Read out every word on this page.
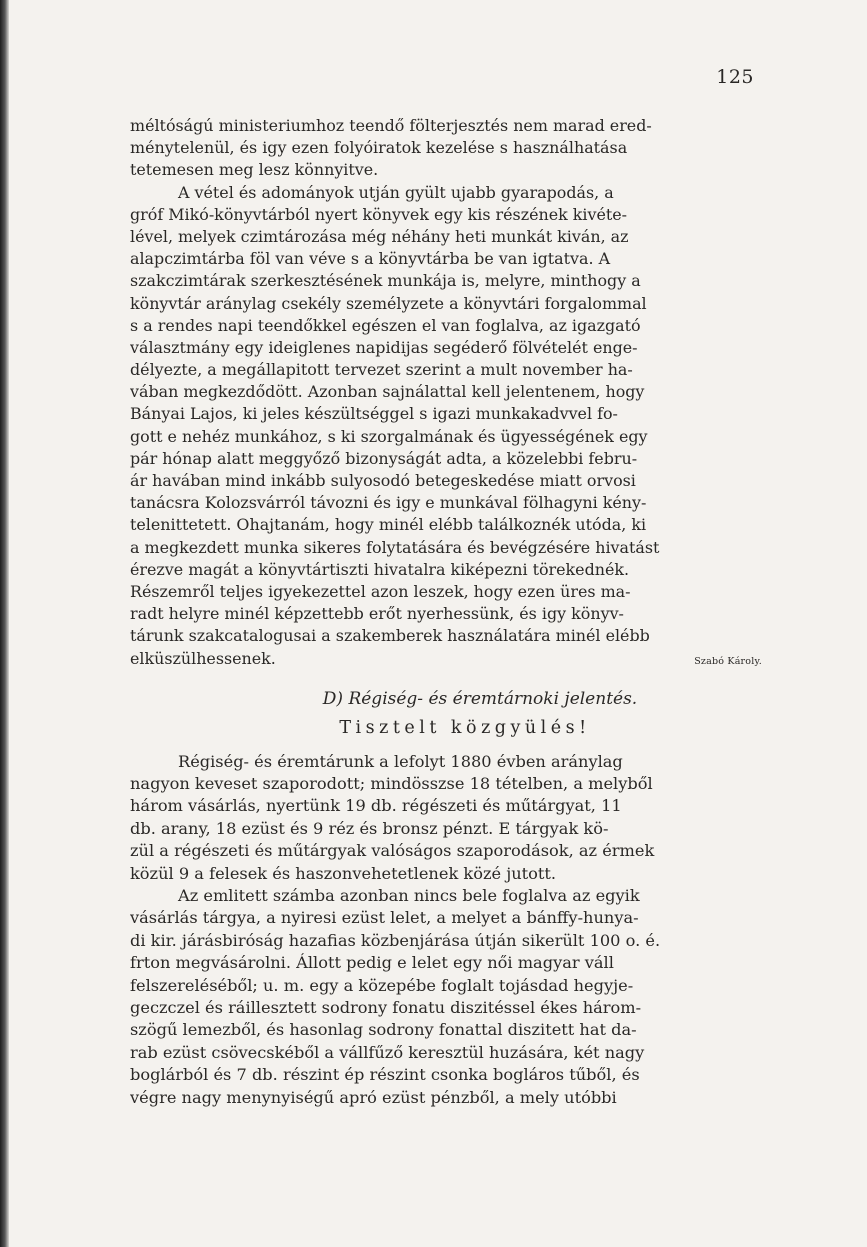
125
méltóságú ministeriumhoz teendő fölterjesztés nem marad ered-
ménytelenül, és igy ezen folyóiratok kezelése s használhatása
tetemesen meg lesz könnyitve.
A vétel és adományok utján gyült ujabb gyarapodás, a
gróf Mikó-könyvtárból nyert könyvek egy kis részének kivéte-
lével, melyek czimtározása még néhány heti munkát kiván, az
alapczimtárba föl van véve s a könyvtárba be van igtatva. A
szakczimtárak szerkesztésének munkája is, melyre, minthogy a
könyvtár aránylag csekély személyzete a könyvtári forgalommal
s a rendes napi teendőkkel egészen el van foglalva, az igazgató
választmány egy ideiglenes napidijas segéderő fölvételét enge-
délyezte, a megállapitott tervezet szerint a mult november ha-
vában megkezdődött. Azonban sajnálattal kell jelentenem, hogy
Bányai Lajos, ki jeles készültséggel s igazi munkakadvvel fo-
gott e nehéz munkához, s ki szorgalmának és ügyességének egy
pár hónap alatt meggyőző bizonyságát adta, a közelebbi febru-
ár havában mind inkább sulyosodó betegeskedése miatt orvosi
tanácsra Kolozsvárról távozni és igy e munkával fölhagyni kény-
telenittetett. Ohajtanám, hogy minél elébb találkoznék utóda, ki
a megkezdett munka sikeres folytatására és bevégzésére hivatást
érezve magát a könyvtártiszti hivatalra kiképezni törekednék.
Részemről teljes igyekezettel azon leszek, hogy ezen üres ma-
radt helyre minél képzettebb erőt nyerhessünk, és igy könyv-
tárunk szakcatalogusai a szakemberek használatára minél elébb
elküszülhessenek.	Szabó Károly.
D) Régiség- és éremtárnoki jelentés.
Tisztelt közgyülés!
Régiség- és éremtárunk a lefolyt 1880 évben aránylag
nagyon keveset szaporodott; mindösszse 18 tételben, a melyből
három vásárlás, nyertünk 19 db. régészeti és műtárgyat, 11
db. arany, 18 ezüst és 9 réz és bronsz pénzt. E tárgyak kö-
zül a régészeti és műtárgyak valóságos szaporodások, az érmek
közül 9 a felesek és haszonvehetetlenek közé jutott.
Az emlitett számba azonban nincs bele foglalva az egyik
vásárlás tárgya, a nyiresi ezüst lelet, a melyet a bánffy-hunya-
di kir. járásbiróság hazafias közbenjárása útján sikerült 100 o. é.
frton megvásárolni. Állott pedig e lelet egy női magyar váll
felszereléséből; u. m. egy a közepébe foglalt tojásdad hegyje-
geczczel és ráillesztett sodrony fonatu diszitéssel ékes három-
szögű lemezből, és hasonlag sodrony fonattal diszitett hat da-
rab ezüst csövecskéből a vállfűző keresztül huzására, két nagy
boglárból és 7 db. részint ép részint csonka bogláros tűből, és
végre nagy menynyiségű apró ezüst pénzből, a mely utóbbi
